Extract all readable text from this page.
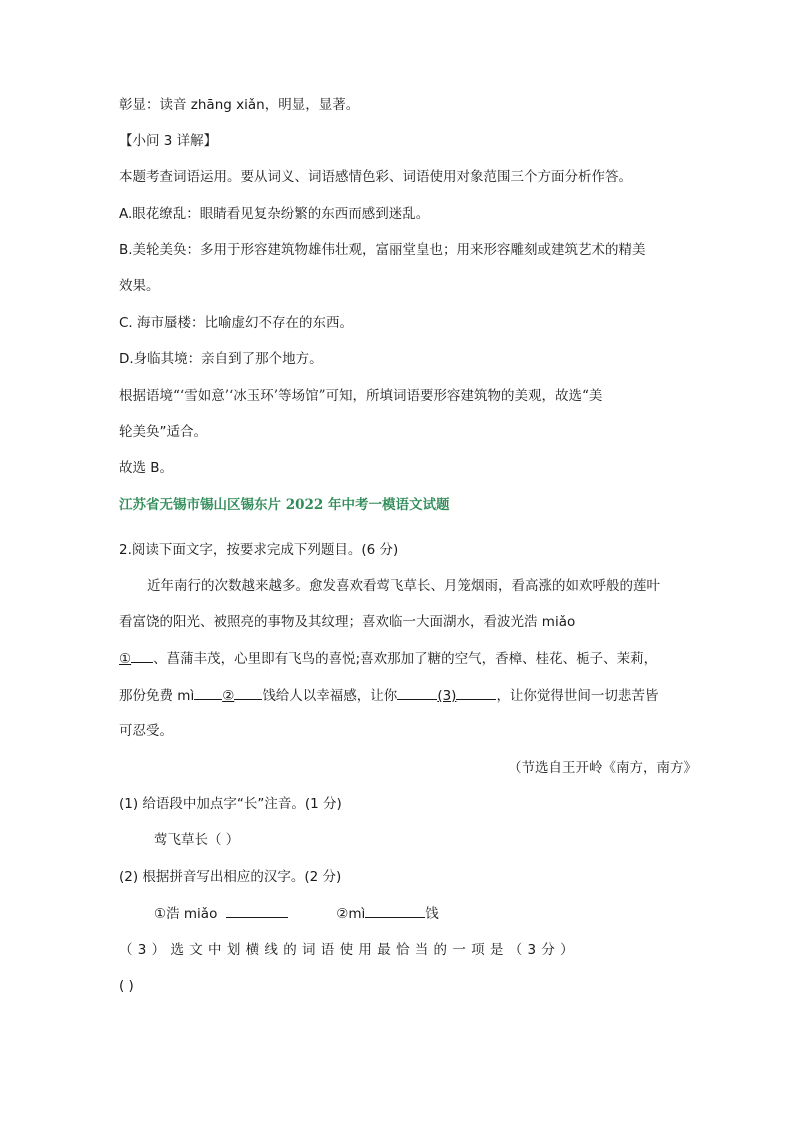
彰显：读音 zhāng xiǎn，明显，显著。
【小问 3 详解】
本题考查词语运用。要从词义、词语感情色彩、词语使用对象范围三个方面分析作答。
A.眼花缭乱：眼睛看见复杂纷繁的东西而感到迷乱。
B.美轮美奂：多用于形容建筑物雄伟壮观，富丽堂皇也；用来形容雕刻或建筑艺术的精美
效果。
C. 海市蜃楼：比喻虚幻不存在的东西。
D.身临其境：亲自到了那个地方。
根据语境“‘雪如意’‘冰玉环’等场馆”可知，所填词语要形容建筑物的美观，故选“美
轮美奂”适合。
故选 B。
江苏省无锡市锡山区锡东片 2022 年中考一模语文试题
2.阅读下面文字，按要求完成下列题目。(6 分)
近年南行的次数越来越多。愈发喜欢看莺飞草长、月笼烟雨，看高涨的如欢呼般的莲叶
看富饶的阳光、被照亮的事物及其纹理；喜欢临一大面湖水，看波光浩 miǎo
① 、菖蒲丰茂，心里即有飞鸟的喜悦;喜欢那加了糖的空气，香樟、桂花、栀子、茉莉，
那份免费 mì ② 饯给人以幸福感，让你	(3)	，让你觉得世间一切悲苦皆
可忍受。
（节选自王开岭《南方，南方》
(1) 给语段中加点字“长”注音。(1 分)
莺飞草长（ ）
(2) 根据拼音写出相应的汉字。(2 分)
①浩 miǎo	②mì	饯
（ 3 ） 选 文 中 划 横 线 的 词 语 使 用 最 恰 当 的 一 项 是 （ 3 分 ）
( )
